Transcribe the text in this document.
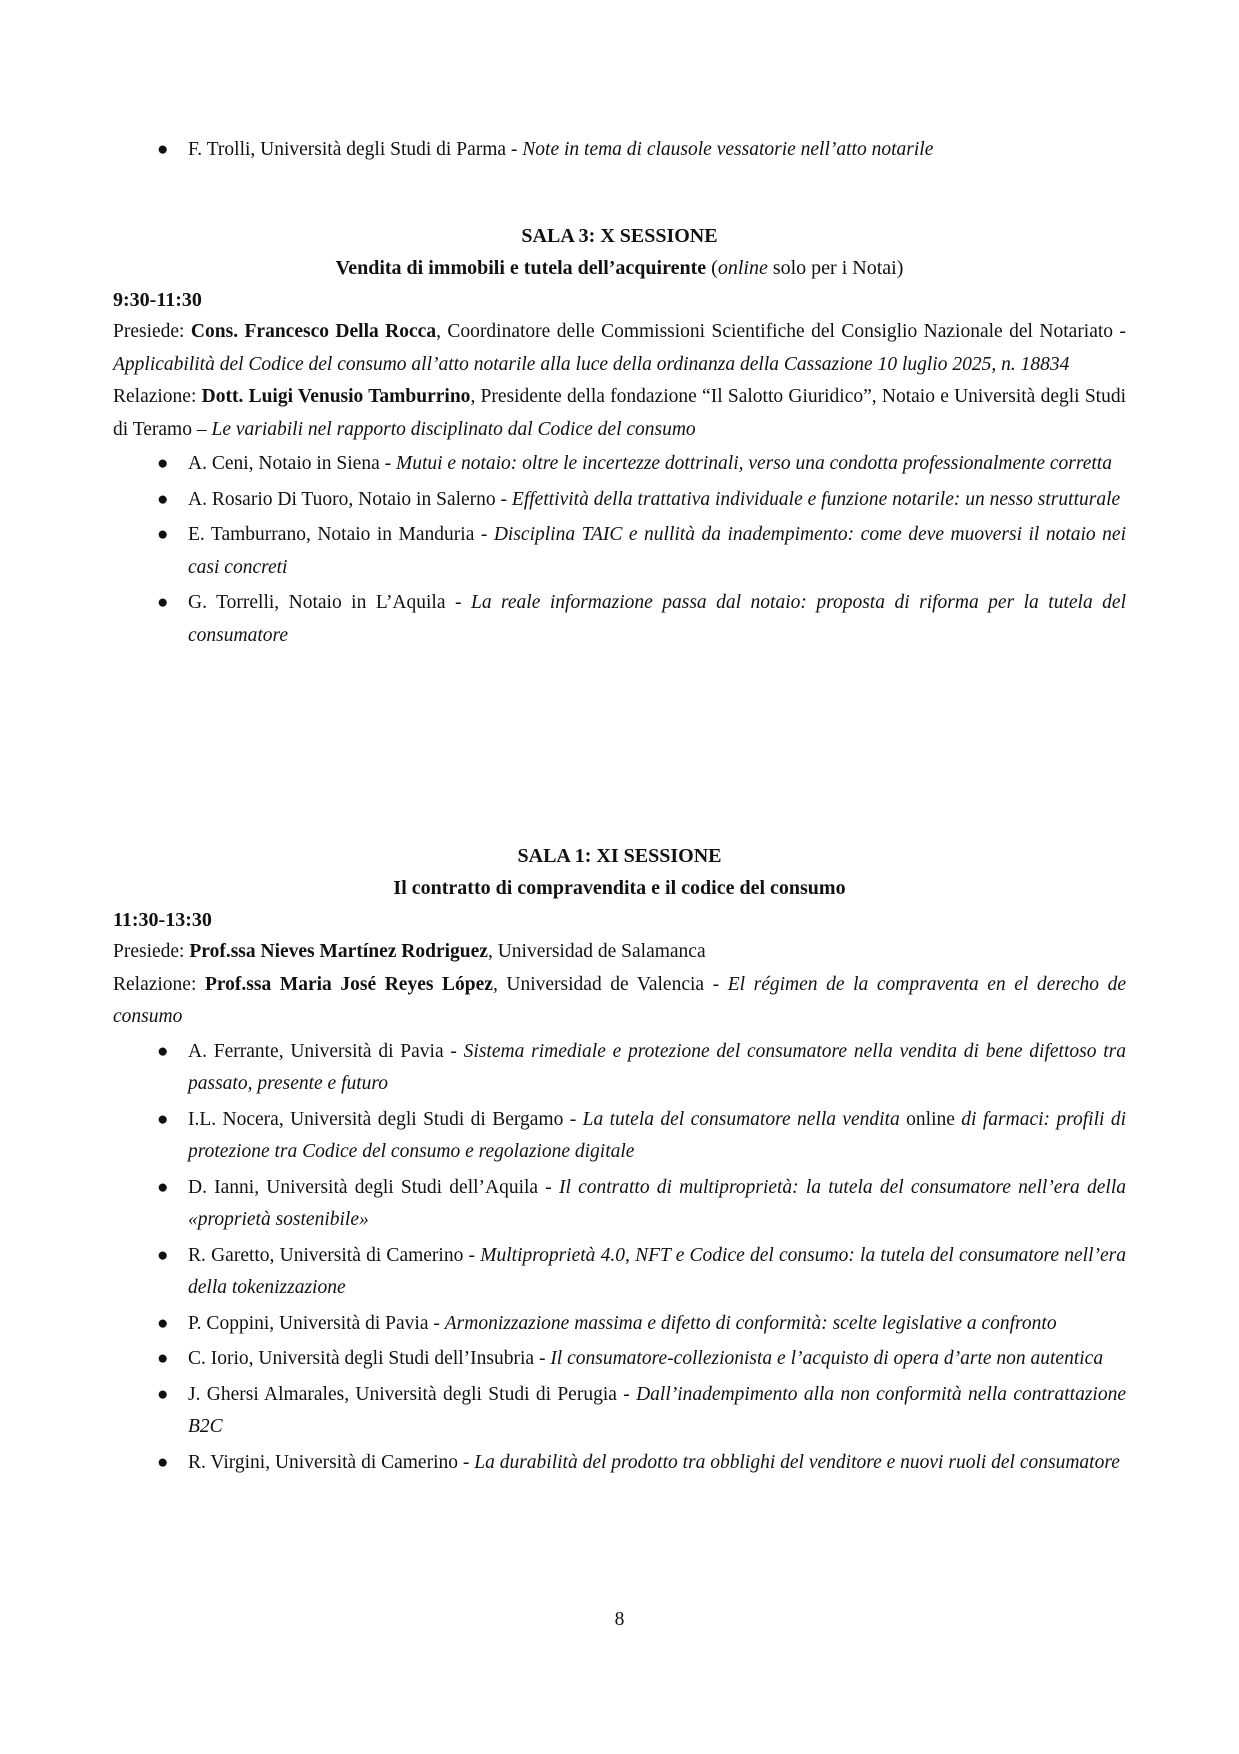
● F. Trolli, Università degli Studi di Parma - Note in tema di clausole vessatorie nell’atto notarile

SALA 3: X SESSIONE

Vendita di immobili e tutela dell’acquirente (online solo per i Notai)

9:30-11:30

Presiede: Cons. Francesco Della Rocca, Coordinatore delle Commissioni Scientifiche del Consiglio Nazionale del Notariato - Applicabilità del Codice del consumo all’atto notarile alla luce della ordinanza della Cassazione 10 luglio 2025, n. 18834

Relazione: Dott. Luigi Venusio Tamburrino, Presidente della fondazione “Il Salotto Giuridico”, Notaio e Università degli Studi di Teramo – Le variabili nel rapporto disciplinato dal Codice del consumo

● A. Ceni, Notaio in Siena - Mutui e notaio: oltre le incertezze dottrinali, verso una condotta professionalmente corretta
● A. Rosario Di Tuoro, Notaio in Salerno - Effettività della trattativa individuale e funzione notarile: un nesso strutturale
● E. Tamburrano, Notaio in Manduria - Disciplina TAIC e nullità da inadempimento: come deve muoversi il notaio nei casi concreti
● G. Torrelli, Notaio in L’Aquila - La reale informazione passa dal notaio: proposta di riforma per la tutela del consumatore

SALA 1: XI SESSIONE

Il contratto di compravendita e il codice del consumo

11:30-13:30

Presiede: Prof.ssa Nieves Martínez Rodriguez, Universidad de Salamanca

Relazione: Prof.ssa Maria José Reyes López, Universidad de Valencia - El régimen de la compraventa en el derecho de consumo

● A. Ferrante, Università di Pavia - Sistema rimediale e protezione del consumatore nella vendita di bene difettoso tra passato, presente e futuro
● I.L. Nocera, Università degli Studi di Bergamo - La tutela del consumatore nella vendita online di farmaci: profili di protezione tra Codice del consumo e regolazione digitale
● D. Ianni, Università degli Studi dell’Aquila - Il contratto di multiproprietà: la tutela del consumatore nell’era della «proprietà sostenibile»
● R. Garetto, Università di Camerino - Multiproprietà 4.0, NFT e Codice del consumo: la tutela del consumatore nell’era della tokenizzazione
● P. Coppini, Università di Pavia - Armonizzazione massima e difetto di conformità: scelte legislative a confronto
● C. Iorio, Università degli Studi dell’Insubria - Il consumatore-collezionista e l’acquisto di opera d’arte non autentica
● J. Ghersi Almarales, Università degli Studi di Perugia - Dall’inadempimento alla non conformità nella contrattazione B2C
● R. Virgini, Università di Camerino - La durabilità del prodotto tra obblighi del venditore e nuovi ruoli del consumatore
8
